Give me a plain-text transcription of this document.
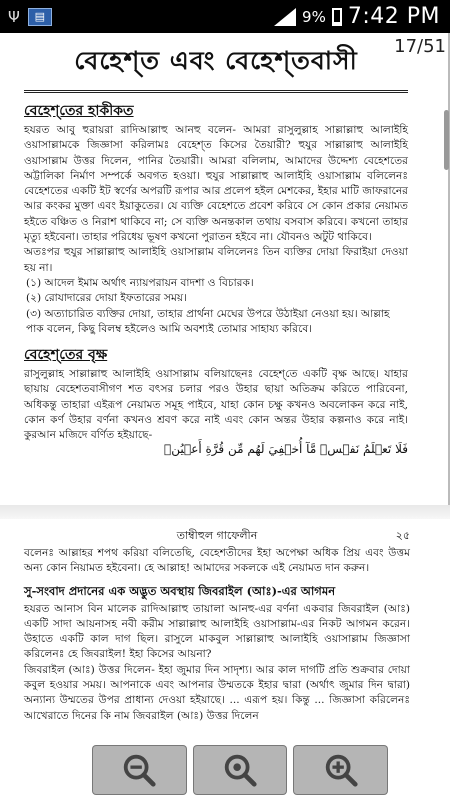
Ψ	▤	9% 7:42 PM
বেহেশ্‌ত এবং বেহেশ্‌তবাসী
বেহেশ্‌তের হাকীকত

হযরত আবু হুরায়রা রাদিআল্লাহু আনহু বলেন- আমরা রাসুলুল্লাহ সাল্লাল্লাহু আলাইহি ওয়াসাল্লামকে জিজ্ঞাসা করিলামঃ বেহেশ্‌ত কিসের তৈয়ারী? হুযুর সাল্লাল্লাহু আলাইহি ওয়াসাল্লাম উত্তর দিলেন, পানির তৈয়ারী। আমরা বলিলাম, আমাদের উদ্দেশ্য বেহেশতের অট্টালিকা নির্মাণ সম্পর্কে অবগত হওয়া। হুযুর সাল্লাল্লাহু আলাইহি ওয়াসাল্লাম বলিলেনঃ বেহেশতের একটি ইট স্বর্ণের অপরটি রূপার আর প্রলেপ হইল মেশকের, ইহার মাটি জাফরানের আর কংকর মুক্তা এবং ইয়াকুতের। যে ব্যক্তি বেহেশতে প্রবেশ করিবে সে কোন প্রকার নেয়ামত হইতে বঞ্চিত ও নিরাশ থাকিবে না; সে ব্যক্তি অনন্তকাল তথায় বসবাস করিবে। কখনো তাহার মৃত্যু হইবেনা। তাহার পরিধেয় ভূষণ কখনো পুরাতন হইবে না। যৌবনও অটুট থাকিবে।

অতঃপর হুযুর সাল্লাল্লাহু আলাইহি ওয়াসাল্লাম বলিলেনঃ তিন ব্যক্তির দোয়া ফিরাইয়া দেওয়া হয় না।

(১) আদেল ইমাম অর্থাৎ ন্যায়পরায়ন বাদশা ও বিচারক।

(২) রোযাদারের দোয়া ইফতারের সময়।

(৩) অত্যাচারিত ব্যক্তির দোয়া, তাহার প্রার্থনা মেঘের উপরে উঠাইয়া নেওয়া হয়। আল্লাহ পাক বলেন, কিছু বিলম্ব হইলেও আমি অবশ্যই তোমার সাহায্য করিবে।

বেহেশ্‌তের বৃক্ষ

রাসুলুল্লাহ সাল্লাল্লাহু আলাইহি ওয়াসাল্লাম বলিয়াছেনঃ বেহেশ্‌তে একটি বৃক্ষ আছে। যাহার ছায়ায় বেহেশতবাসীগণ শত বৎসর চলার পরও উহার ছায়া অতিক্রম করিতে পারিবেনা, অধিকন্তু তাহারা এইরূপ নেয়ামত সমূহ পাইবে, যাহা কোন চক্ষু কখনও অবলোকন করে নাই, কোন কর্ণ উহার বর্ণনা কখনও শ্রবণ করে নাই এবং কোন অন্তর উহার কল্পনাও করে নাই। কুরআন মজিদে বর্ণিত হইয়াছে-

فَلَا تَعۡلَمُ نَفۡسٞ مَّآ أُخۡفِيَ لَهُم مِّن قُرَّةِ أَعۡيُنٖ

তাম্বীহুল গাফেলীন	২৫

বলেনঃ আল্লাহর শপথ করিয়া বলিতেছি, বেহেশতীদের ইহা অপেক্ষা অধিক প্রিয় এবং উত্তম অন্য কোন নিয়ামত হইবেনা। হে আল্লাহ! আমাদের সকলকে এই নেয়ামত দান করুন।

সু-সংবাদ প্রদানের এক অদ্ভুত অবস্থায় জিবরাইল (আঃ)-এর আগমন

হযরত আনাস বিন মালেক রাদিআল্লাহু তায়ালা আনহু-এর বর্ণনা একবার জিবরাইল (আঃ) একটি সাদা আয়নাসহ নবী করীম সাল্লাল্লাহু আলাইহি ওয়াসাল্লাম-এর নিকট আগমন করেন। উহাতে একটি কাল দাগ ছিল। রাসুলে মাকবুল সাল্লাল্লাহু আলাইহি ওয়াসাল্লাম জিজ্ঞাসা করিলেনঃ হে জিবরাইল! ইহা কিসের আয়না?

জিবরাইল (আঃ) উত্তর দিলেন- ইহা জুমার দিন সাদৃশ্য। আর কাল দাগটি প্রতি শুক্রবার দোয়া কবুল হওয়ার সময়। আপনাকে এবং আপনার উম্মতকে ইহার দ্বারা (অর্থাৎ জুমার দিন দ্বারা) অন্যান্য উম্মতের উপর প্রাধান্য দেওয়া হইয়াছে। ... এরূপ হয়। কিন্তু ... জিজ্ঞাসা করিলেনঃ আখেরাতে দিনের কি নাম জিবরাইল (আঃ) উত্তর দিলেন

17/51
